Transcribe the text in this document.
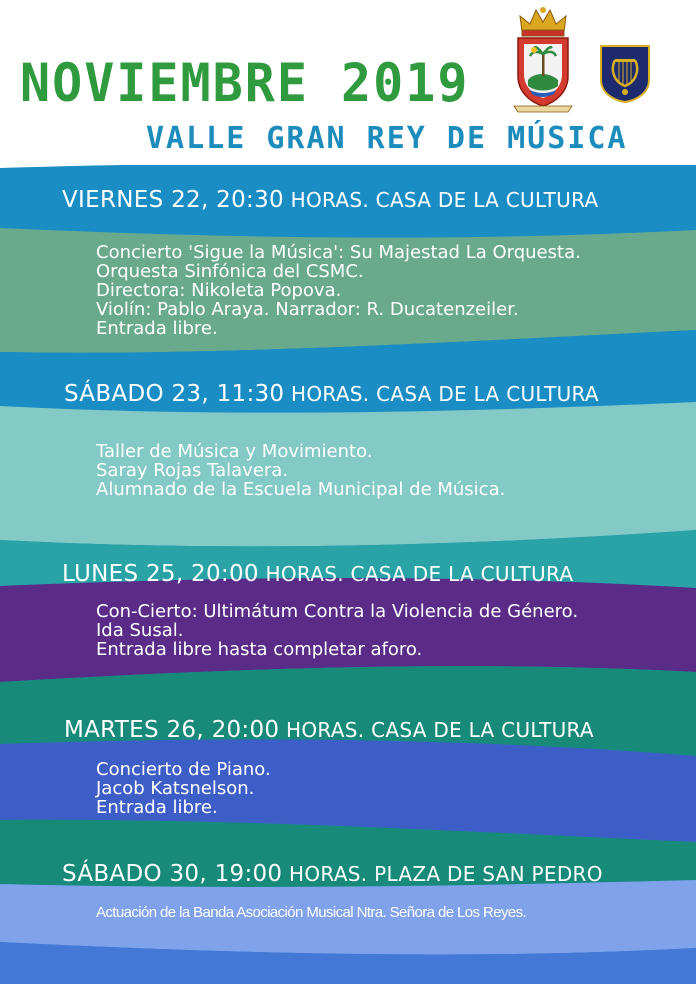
NOVIEMBRE 2019
VALLE GRAN REY DE MÚSICA
VIERNES 22, 20:30 HORAS. CASA DE LA CULTURA
Concierto 'Sigue la Música': Su Majestad La Orquesta.
Orquesta Sinfónica del CSMC.
Directora: Nikoleta Popova.
Violín: Pablo Araya. Narrador: R. Ducatenzeiler.
Entrada libre.
SÁBADO 23, 11:30 HORAS. CASA DE LA CULTURA
Taller de Música y Movimiento.
Saray Rojas Talavera.
Alumnado de la Escuela Municipal de Música.
LUNES 25, 20:00 HORAS. CASA DE LA CULTURA
Con-Cierto: Ultimátum Contra la Violencia de Género.
Ida Susal.
Entrada libre hasta completar aforo.
MARTES 26, 20:00 HORAS. CASA DE LA CULTURA
Concierto de Piano.
Jacob Katsnelson.
Entrada libre.
SÁBADO 30, 19:00 HORAS. PLAZA DE SAN PEDRO
Actuación de la Banda Asociación Musical Ntra. Señora de Los Reyes.
